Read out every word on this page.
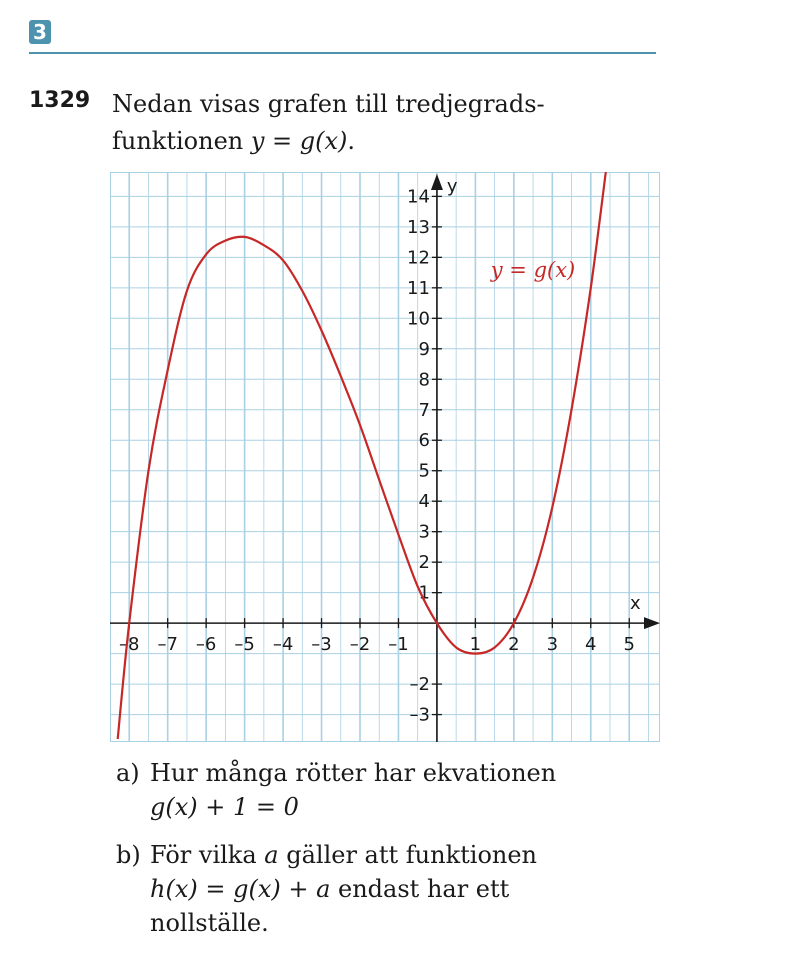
3
1329 Nedan visas grafen till tredjegrads-
funktionen y = g(x).
–8 –7 –6 –5 –4 –3 –2 –1	1 2 3 4 5
–3
–2
1
2
3
4
5
6
7
8
9
10
11
12
13
14
x
y
y = g(x)
a) Hur många rötter har ekvationen
g(x) + 1 = 0
b) För vilka a gäller att funktionen
h(x) = g(x) + a endast har ett
nollställe.
